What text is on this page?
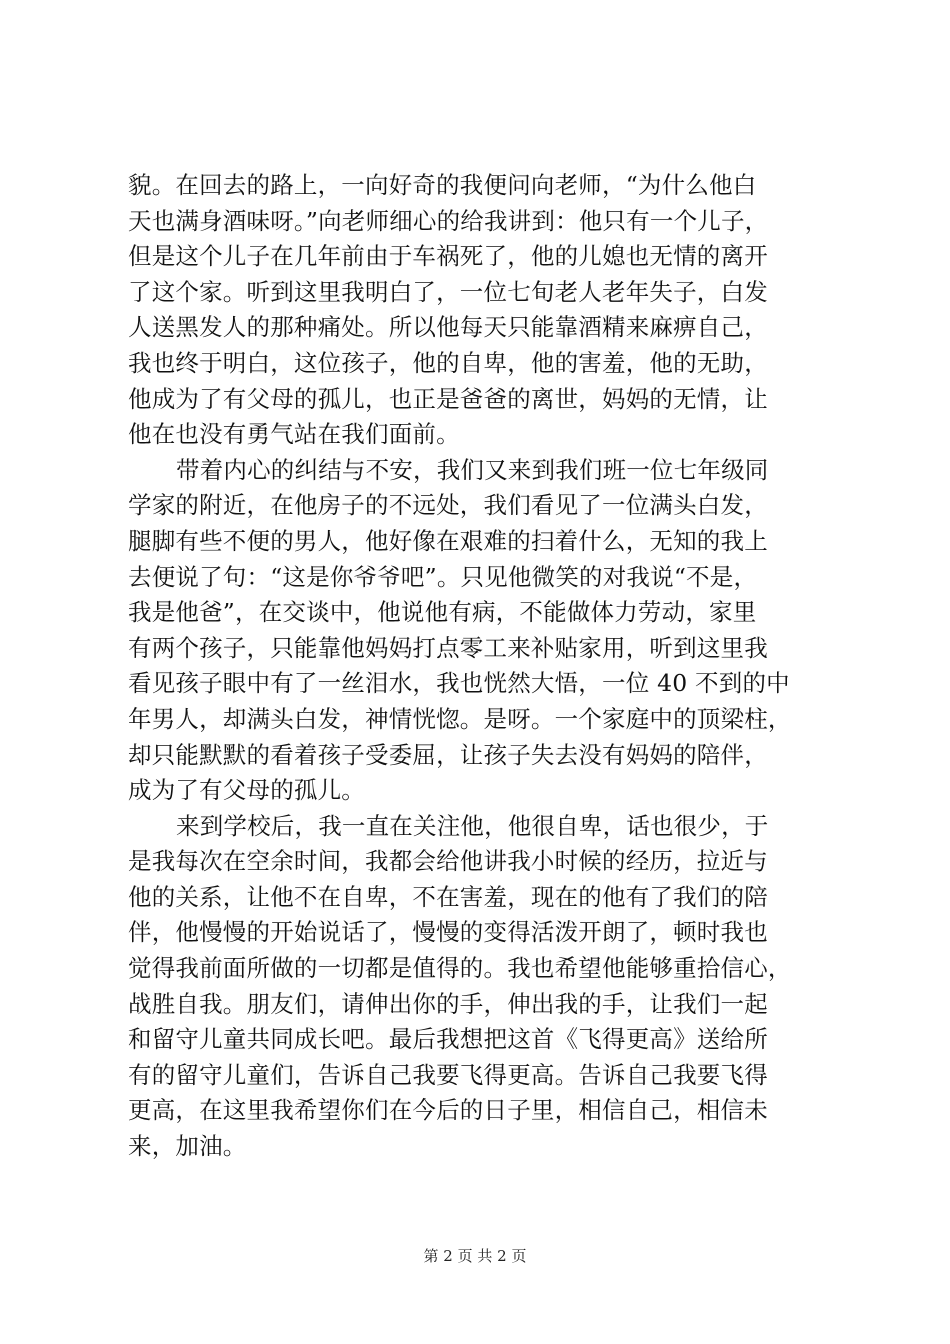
貌。在回去的路上，一向好奇的我便问向老师，“为什么他白
天也满身酒味呀。”向老师细心的给我讲到：他只有一个儿子，
但是这个儿子在几年前由于车祸死了，他的儿媳也无情的离开
了这个家。听到这里我明白了，一位七旬老人老年失子，白发
人送黑发人的那种痛处。所以他每天只能靠酒精来麻痹自己，
我也终于明白，这位孩子，他的自卑，他的害羞，他的无助，
他成为了有父母的孤儿，也正是爸爸的离世，妈妈的无情，让
他在也没有勇气站在我们面前。
带着内心的纠结与不安，我们又来到我们班一位七年级同
学家的附近，在他房子的不远处，我们看见了一位满头白发，
腿脚有些不便的男人，他好像在艰难的扫着什么，无知的我上
去便说了句：“这是你爷爷吧”。只见他微笑的对我说“不是，
我是他爸”，在交谈中，他说他有病，不能做体力劳动，家里
有两个孩子，只能靠他妈妈打点零工来补贴家用，听到这里我
看见孩子眼中有了一丝泪水，我也恍然大悟，一位 40 不到的中
年男人，却满头白发，神情恍惚。是呀。一个家庭中的顶梁柱，
却只能默默的看着孩子受委屈，让孩子失去没有妈妈的陪伴，
成为了有父母的孤儿。
来到学校后，我一直在关注他，他很自卑，话也很少，于
是我每次在空余时间，我都会给他讲我小时候的经历，拉近与
他的关系，让他不在自卑，不在害羞，现在的他有了我们的陪
伴，他慢慢的开始说话了，慢慢的变得活泼开朗了，顿时我也
觉得我前面所做的一切都是值得的。我也希望他能够重拾信心，
战胜自我。朋友们，请伸出你的手，伸出我的手，让我们一起
和留守儿童共同成长吧。最后我想把这首《飞得更高》送给所
有的留守儿童们，告诉自己我要飞得更高。告诉自己我要飞得
更高，在这里我希望你们在今后的日子里，相信自己，相信未
来，加油。
第 2 页 共 2 页
